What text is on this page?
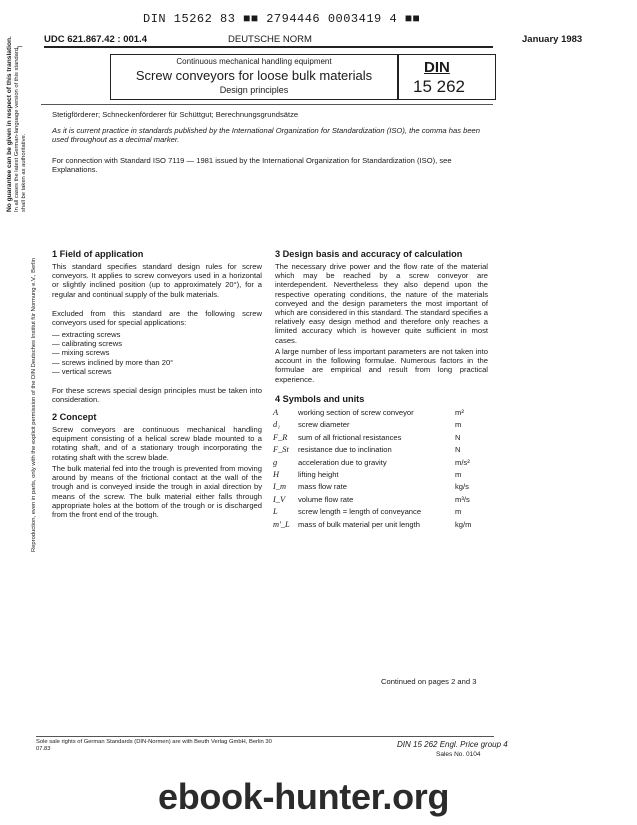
DIN 15262 83 ■■ 2794446 0003419 4 ■■
⌐
UDC 621.867.42 : 001.4	DEUTSCHE NORM	January 1983
Continuous mechanical handling equipment
Screw conveyors for loose bulk materials
Design principles
DIN
15 262
No guarantee can be given in respect of this translation. In all cases the latest German-language version of this standard shall be taken as authoritative.
Reproduction, even in parts, only with the explicit permission of the DIN Deutsches Institut für Normung e.V., Berlin
Stetigförderer; Schneckenförderer für Schüttgut; Berechnungsgrundsätze
As it is current practice in standards published by the International Organization for Standardization (ISO), the comma has been used throughout as a decimal marker.
For connection with Standard ISO 7119 — 1981 issued by the International Organization for Standardization (ISO), see Explanations.
1 Field of application
This standard specifies standard design rules for screw conveyors. It applies to screw conveyors used in a horizontal or slightly inclined position (up to approximately 20°), for a regular and continual supply of the bulk materials.
Excluded from this standard are the following screw conveyors used for special applications:
— extracting screws
— calibrating screws
— mixing screws
— screws inclined by more than 20°
— vertical screws
For these screws special design principles must be taken into consideration.
2 Concept
Screw conveyors are continuous mechanical handling equipment consisting of a helical screw blade mounted to a rotating shaft, and of a stationary trough incorporating the rotating shaft with the screw blade.
The bulk material fed into the trough is prevented from moving around by means of the frictional contact at the wall of the trough and is conveyed inside the trough in axial direction by means of the screw. The bulk material either falls through appropriate holes at the bottom of the trough or is discharged from the front end of the trough.
3 Design basis and accuracy of calculation
The necessary drive power and the flow rate of the material which may be reached by a screw conveyor are interdependent. Nevertheless they also depend upon the respective operating conditions, the nature of the materials conveyed and the design parameters the most important of which are considered in this standard. The standard specifies a relatively easy design method and therefore only reaches a limited accuracy which is however quite sufficient in most cases.
A large number of less important parameters are not taken into account in the following formulae. Numerous factors in the formulae are empirical and result from long practical experience.
4 Symbols and units
A	working section of screw conveyor	m²
d₁ screw diameter	m
F_R sum of all frictional resistances	N
F_St resistance due to inclination	N
g	acceleration due to gravity	m/s²
H lifting height	m
I_m mass flow rate	kg/s
I_V volume flow rate	m³/s
L	screw length = length of conveyance	m
m'_L mass of bulk material per unit length	kg/m
Continued on pages 2 and 3
Sole sale rights of German Standards (DIN-Normen) are with Beuth Verlag GmbH, Berlin 30
07.83	DIN 15 262 Engl. Price group 4
Sales No. 0104
ebook-hunter.org
